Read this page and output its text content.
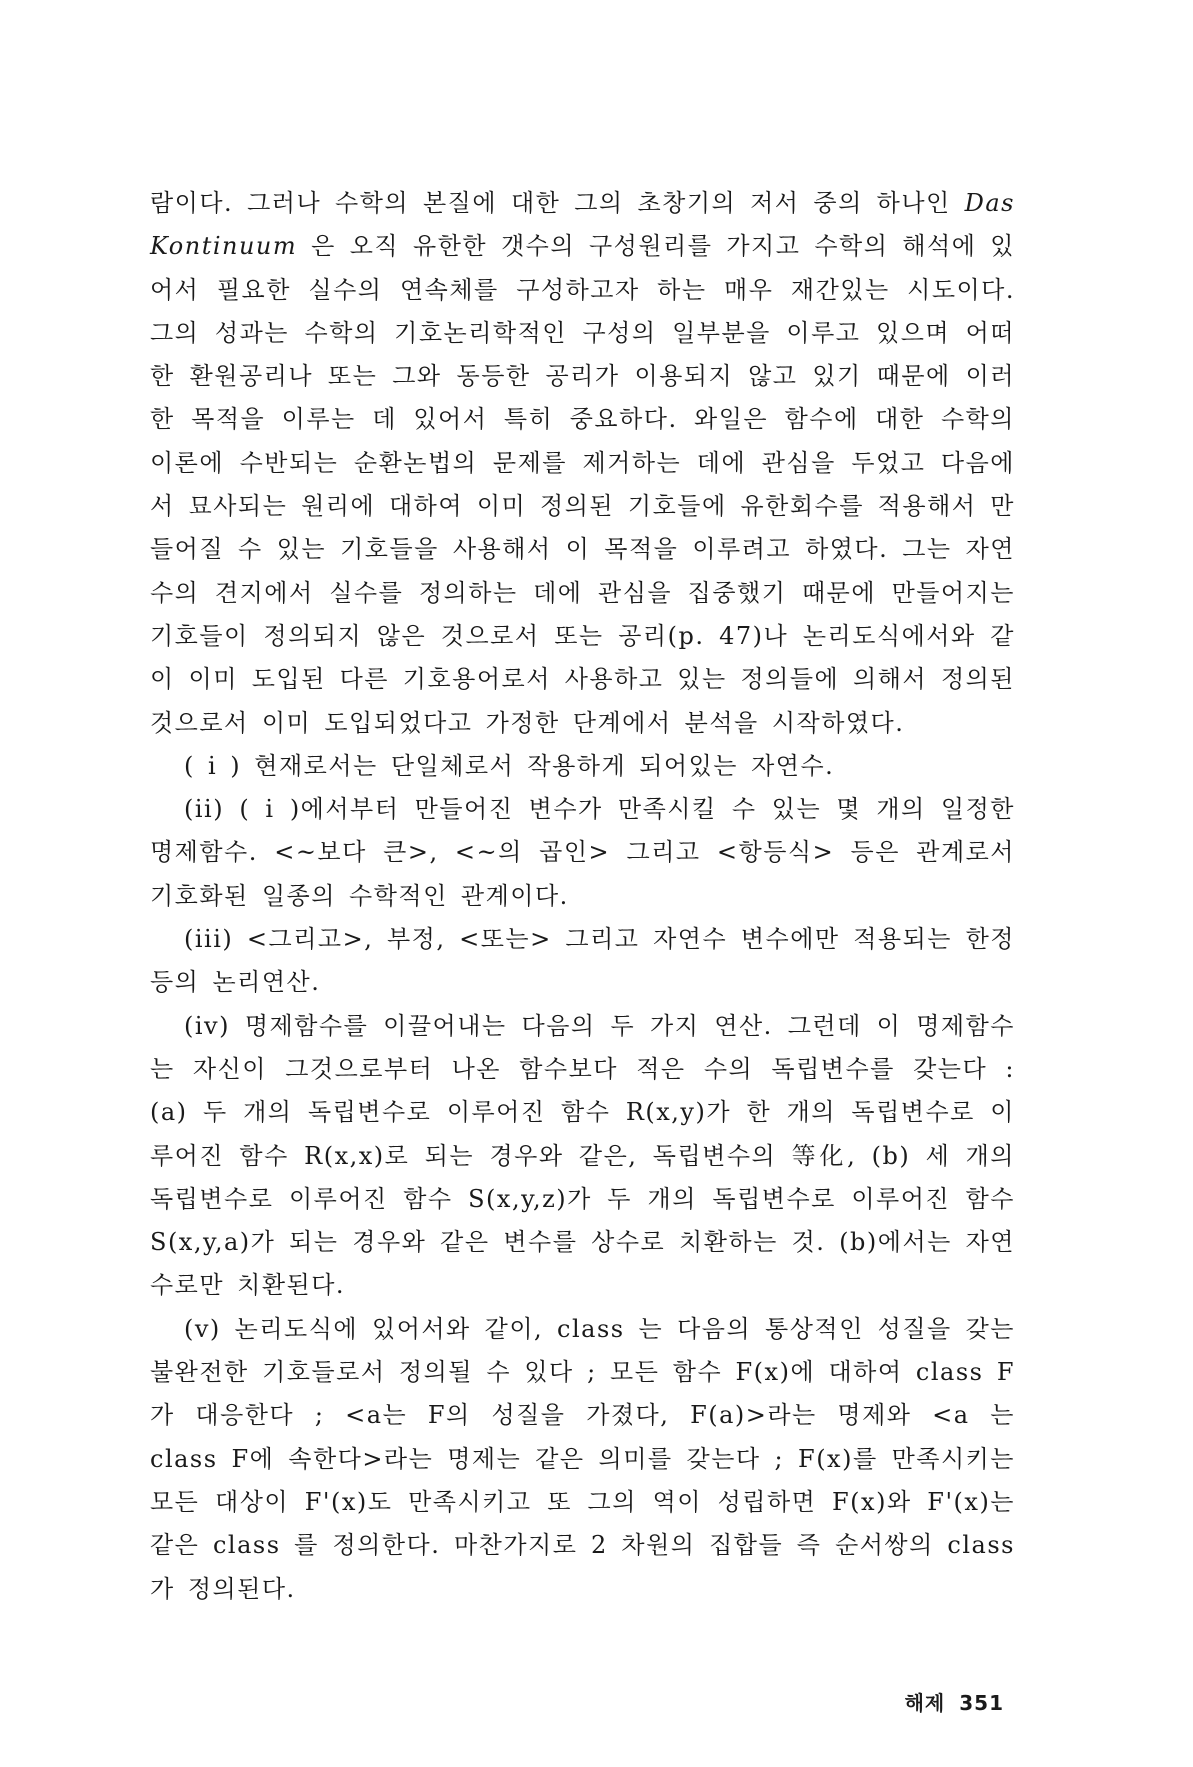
람이다. 그러나 수학의 본질에 대한 그의 초창기의 저서 중의 하나인 Das Kontinuum 은 오직 유한한 갯수의 구성원리를 가지고 수학의 해석에 있어서 필요한 실수의 연속체를 구성하고자 하는 매우 재간있는 시도이다. 그의 성과는 수학의 기호논리학적인 구성의 일부분을 이루고 있으며 어떠한 환원공리나 또는 그와 동등한 공리가 이용되지 않고 있기 때문에 이러한 목적을 이루는 데 있어서 특히 중요하다. 와일은 함수에 대한 수학의 이론에 수반되는 순환논법의 문제를 제거하는 데에 관심을 두었고 다음에서 묘사되는 원리에 대하여 이미 정의된 기호들에 유한회수를 적용해서 만들어질 수 있는 기호들을 사용해서 이 목적을 이루려고 하였다. 그는 자연수의 견지에서 실수를 정의하는 데에 관심을 집중했기 때문에 만들어지는 기호들이 정의되지 않은 것으로서 또는 공리(p. 47)나 논리도식에서와 같이 이미 도입된 다른 기호용어로서 사용하고 있는 정의들에 의해서 정의된 것으로서 이미 도입되었다고 가정한 단계에서 분석을 시작하였다.

( i ) 현재로서는 단일체로서 작용하게 되어있는 자연수.

(ii) ( i )에서부터 만들어진 변수가 만족시킬 수 있는 몇 개의 일정한 명제함수. <~보다 큰>, <~의 곱인> 그리고 <항등식> 등은 관계로서 기호화된 일종의 수학적인 관계이다.

(iii) <그리고>, 부정, <또는> 그리고 자연수 변수에만 적용되는 한정 등의 논리연산.

(iv) 명제함수를 이끌어내는 다음의 두 가지 연산. 그런데 이 명제함수는 자신이 그것으로부터 나온 함수보다 적은 수의 독립변수를 갖는다 : (a) 두 개의 독립변수로 이루어진 함수 R(x,y)가 한 개의 독립변수로 이루어진 함수 R(x,x)로 되는 경우와 같은, 독립변수의 等化, (b) 세 개의 독립변수로 이루어진 함수 S(x,y,z)가 두 개의 독립변수로 이루어진 함수 S(x,y,a)가 되는 경우와 같은 변수를 상수로 치환하는 것. (b)에서는 자연수로만 치환된다.

(v) 논리도식에 있어서와 같이, class 는 다음의 통상적인 성질을 갖는 불완전한 기호들로서 정의될 수 있다 ; 모든 함수 F(x)에 대하여 class F가 대응한다 ; <a는 F의 성질을 가졌다, F(a)>라는 명제와 <a 는 class F에 속한다>라는 명제는 같은 의미를 갖는다 ; F(x)를 만족시키는 모든 대상이 F'(x)도 만족시키고 또 그의 역이 성립하면 F(x)와 F'(x)는 같은 class 를 정의한다. 마찬가지로 2 차원의 집합들 즉 순서쌍의 class 가 정의된다.

해제 351
